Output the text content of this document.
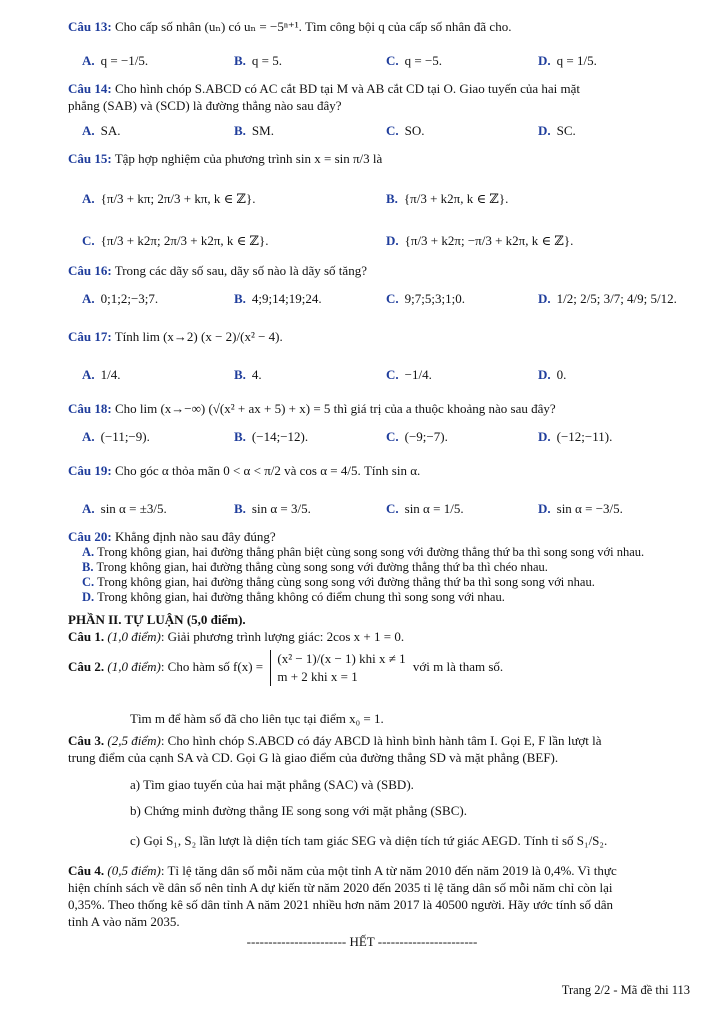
Câu 13: Cho cấp số nhân (uₙ) có uₙ = −5ⁿ⁺¹. Tìm công bội q của cấp số nhân đã cho.
A. q = −1/5.	B. q = 5.	C. q = −5.	D. q = 1/5.
Câu 14: Cho hình chóp S.ABCD có AC cắt BD tại M và AB cắt CD tại O. Giao tuyến của hai mặt
phẳng (SAB) và (SCD) là đường thẳng nào sau đây?
A. SA.	B. SM.	C. SO.	D. SC.
Câu 15: Tập hợp nghiệm của phương trình sin x = sin π/3 là
A. {π/3 + kπ; 2π/3 + kπ, k ∈ ℤ}.	B. {π/3 + k2π, k ∈ ℤ}.
C. {π/3 + k2π; 2π/3 + k2π, k ∈ ℤ}.	D. {π/3 + k2π; −π/3 + k2π, k ∈ ℤ}.
Câu 16: Trong các dãy số sau, dãy số nào là dãy số tăng?
A. 0;1;2;−3;7.	B. 4;9;14;19;24.	C. 9;7;5;3;1;0.	D. 1/2; 2/5; 3/7; 4/9; 5/12.
Câu 17: Tính lim (x→2) (x − 2)/(x² − 4).
A. 1/4.	B. 4.	C. −1/4.	D. 0.
Câu 18: Cho lim (x→−∞) (√(x² + ax + 5) + x) = 5 thì giá trị của a thuộc khoảng nào sau đây?
A. (−11;−9).	B. (−14;−12).	C. (−9;−7).	D. (−12;−11).
Câu 19: Cho góc α thỏa mãn 0 < α < π/2 và cos α = 4/5. Tính sin α.
A. sin α = ±3/5.	B. sin α = 3/5.	C. sin α = 1/5.	D. sin α = −3/5.
Câu 20: Khẳng định nào sau đây đúng?
A. Trong không gian, hai đường thẳng phân biệt cùng song song với đường thẳng thứ ba thì song song với nhau.
B. Trong không gian, hai đường thẳng cùng song song với đường thẳng thứ ba thì chéo nhau.
C. Trong không gian, hai đường thẳng cùng song song với đường thẳng thứ ba thì song song với nhau.
D. Trong không gian, hai đường thẳng không có điểm chung thì song song với nhau.
PHẦN II. TỰ LUẬN (5,0 điểm).
Câu 1. (1,0 điểm): Giải phương trình lượng giác: 2cos x + 1 = 0.
Câu 2. (1,0 điểm): Cho hàm số f(x) = (x² − 1)/(x − 1) khi x ≠ 1
m + 2 khi x = 1 với m là tham số.
Tìm m để hàm số đã cho liên tục tại điểm x₀ = 1.
Câu 3. (2,5 điểm): Cho hình chóp S.ABCD có đáy ABCD là hình bình hành tâm I. Gọi E, F lần lượt là
trung điểm của cạnh SA và CD. Gọi G là giao điểm của đường thẳng SD và mặt phẳng (BEF).
a) Tìm giao tuyến của hai mặt phẳng (SAC) và (SBD).
b) Chứng minh đường thẳng IE song song với mặt phẳng (SBC).
c) Gọi S₁, S₂ lần lượt là diện tích tam giác SEG và diện tích tứ giác AEGD. Tính tỉ số S₁/S₂.
Câu 4. (0,5 điểm): Tỉ lệ tăng dân số mỗi năm của một tỉnh A từ năm 2010 đến năm 2019 là 0,4%. Vì thực
hiện chính sách về dân số nên tỉnh A dự kiến từ năm 2020 đến 2035 tỉ lệ tăng dân số mỗi năm chỉ còn lại
0,35%. Theo thống kê số dân tỉnh A năm 2021 nhiều hơn năm 2017 là 40500 người. Hãy ước tính số dân
tỉnh A vào năm 2035.
----------------------- HẾT -----------------------
Trang 2/2 - Mã đề thi 113
